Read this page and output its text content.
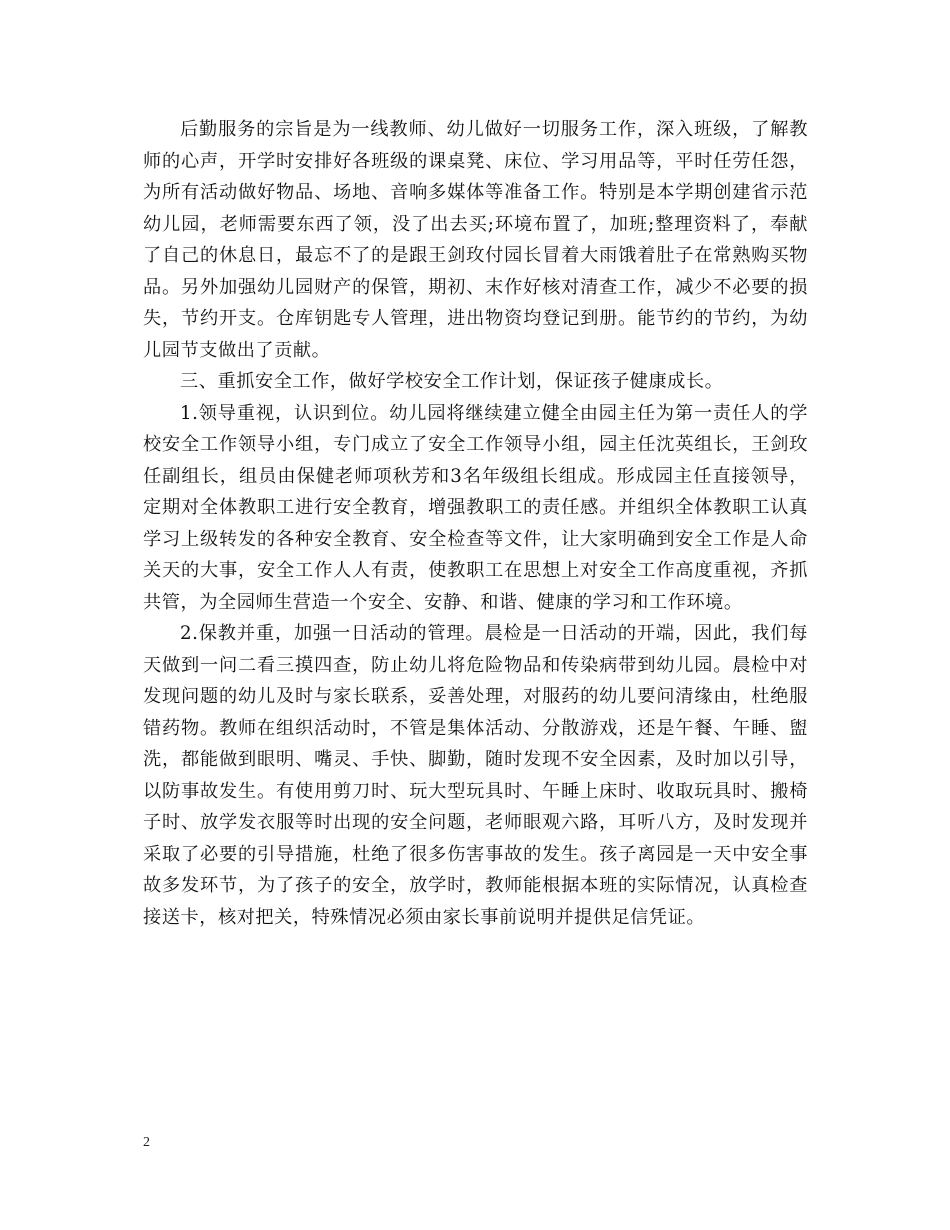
后勤服务的宗旨是为一线教师、幼儿做好一切服务工作，深入班级，了解教师的心声，开学时安排好各班级的课桌凳、床位、学习用品等，平时任劳任怨，为所有活动做好物品、场地、音响多媒体等准备工作。特别是本学期创建省示范幼儿园，老师需要东西了领，没了出去买;环境布置了，加班;整理资料了，奉献了自己的休息日，最忘不了的是跟王剑玫付园长冒着大雨饿着肚子在常熟购买物品。另外加强幼儿园财产的保管，期初、末作好核对清查工作，减少不必要的损失，节约开支。仓库钥匙专人管理，进出物资均登记到册。能节约的节约，为幼儿园节支做出了贡献。

三、重抓安全工作，做好学校安全工作计划，保证孩子健康成长。

1.领导重视，认识到位。幼儿园将继续建立健全由园主任为第一责任人的学校安全工作领导小组，专门成立了安全工作领导小组，园主任沈英组长，王剑玫任副组长，组员由保健老师项秋芳和3名年级组长组成。形成园主任直接领导，定期对全体教职工进行安全教育，增强教职工的责任感。并组织全体教职工认真学习上级转发的各种安全教育、安全检查等文件，让大家明确到安全工作是人命关天的大事，安全工作人人有责，使教职工在思想上对安全工作高度重视，齐抓共管，为全园师生营造一个安全、安静、和谐、健康的学习和工作环境。

2.保教并重，加强一日活动的管理。晨检是一日活动的开端，因此，我们每天做到一问二看三摸四查，防止幼儿将危险物品和传染病带到幼儿园。晨检中对发现问题的幼儿及时与家长联系，妥善处理，对服药的幼儿要问清缘由，杜绝服错药物。教师在组织活动时，不管是集体活动、分散游戏，还是午餐、午睡、盥洗，都能做到眼明、嘴灵、手快、脚勤，随时发现不安全因素，及时加以引导，以防事故发生。有使用剪刀时、玩大型玩具时、午睡上床时、收取玩具时、搬椅子时、放学发衣服等时出现的安全问题，老师眼观六路，耳听八方，及时发现并采取了必要的引导措施，杜绝了很多伤害事故的发生。孩子离园是一天中安全事故多发环节，为了孩子的安全，放学时，教师能根据本班的实际情况，认真检查接送卡，核对把关，特殊情况必须由家长事前说明并提供足信凭证。

2
